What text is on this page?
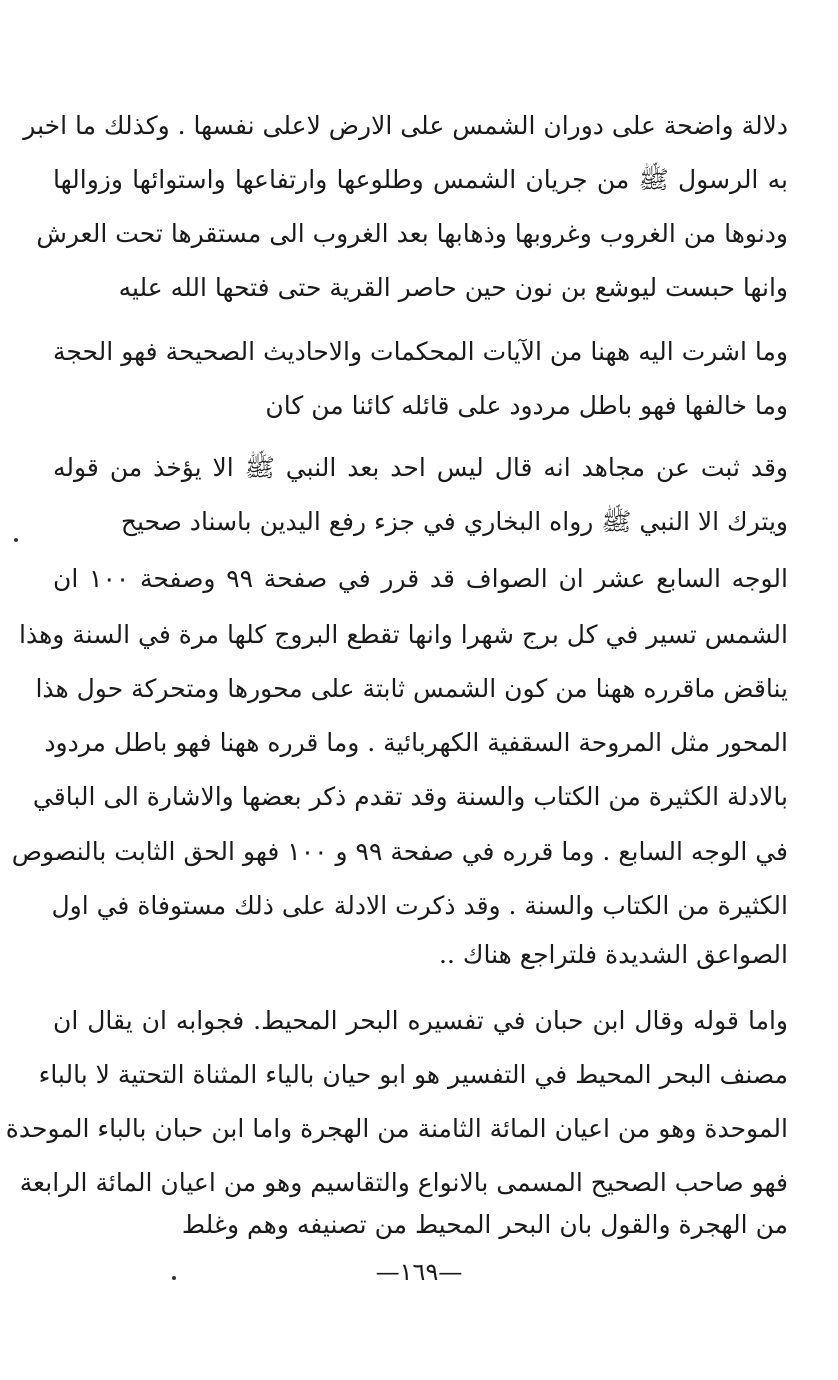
دلالة واضحة على دوران الشمس على الارض لاعلى نفسها . وكذلك ما اخبر
به الرسول ﷺ من جريان الشمس وطلوعها وارتفاعها واستوائها وزوالها
ودنوها من الغروب وغروبها وذهابها بعد الغروب الى مستقرها تحت العرش
وانها حبست ليوشع بن نون حين حاصر القرية حتى فتحها الله عليه
وما اشرت اليه ههنا من الآيات المحكمات والاحاديث الصحيحة فهو الحجة
وما خالفها فهو باطل مردود على قائله كائنا من كان
وقد ثبت عن مجاهد انه قال ليس احد بعد النبي ﷺ الا يؤخذ من قوله
ويترك الا النبي ﷺ رواه البخاري في جزء رفع اليدين باسناد صحيح
الوجه السابع عشر ان الصواف قد قرر في صفحة ٩٩ وصفحة ١٠٠ ان
الشمس تسير في كل برج شهرا وانها تقطع البروج كلها مرة في السنة وهذا
يناقض ماقرره ههنا من كون الشمس ثابتة على محورها ومتحركة حول هذا
المحور مثل المروحة السقفية الكهربائية . وما قرره ههنا فهو باطل مردود
بالادلة الكثيرة من الكتاب والسنة وقد تقدم ذكر بعضها والاشارة الى الباقي
في الوجه السابع . وما قرره في صفحة ٩٩ و ١٠٠ فهو الحق الثابت بالنصوص
الكثيرة من الكتاب والسنة . وقد ذكرت الادلة على ذلك مستوفاة في اول
الصواعق الشديدة فلتراجع هناك ..
واما قوله وقال ابن حبان في تفسيره البحر المحيط. فجوابه ان يقال ان
مصنف البحر المحيط في التفسير هو ابو حيان بالياء المثناة التحتية لا بالباء
الموحدة وهو من اعيان المائة الثامنة من الهجرة واما ابن حبان بالباء الموحدة
فهو صاحب الصحيح المسمى بالانواع والتقاسيم وهو من اعيان المائة الرابعة
من الهجرة والقول بان البحر المحيط من تصنيفه وهم وغلط
—١٦٩—
